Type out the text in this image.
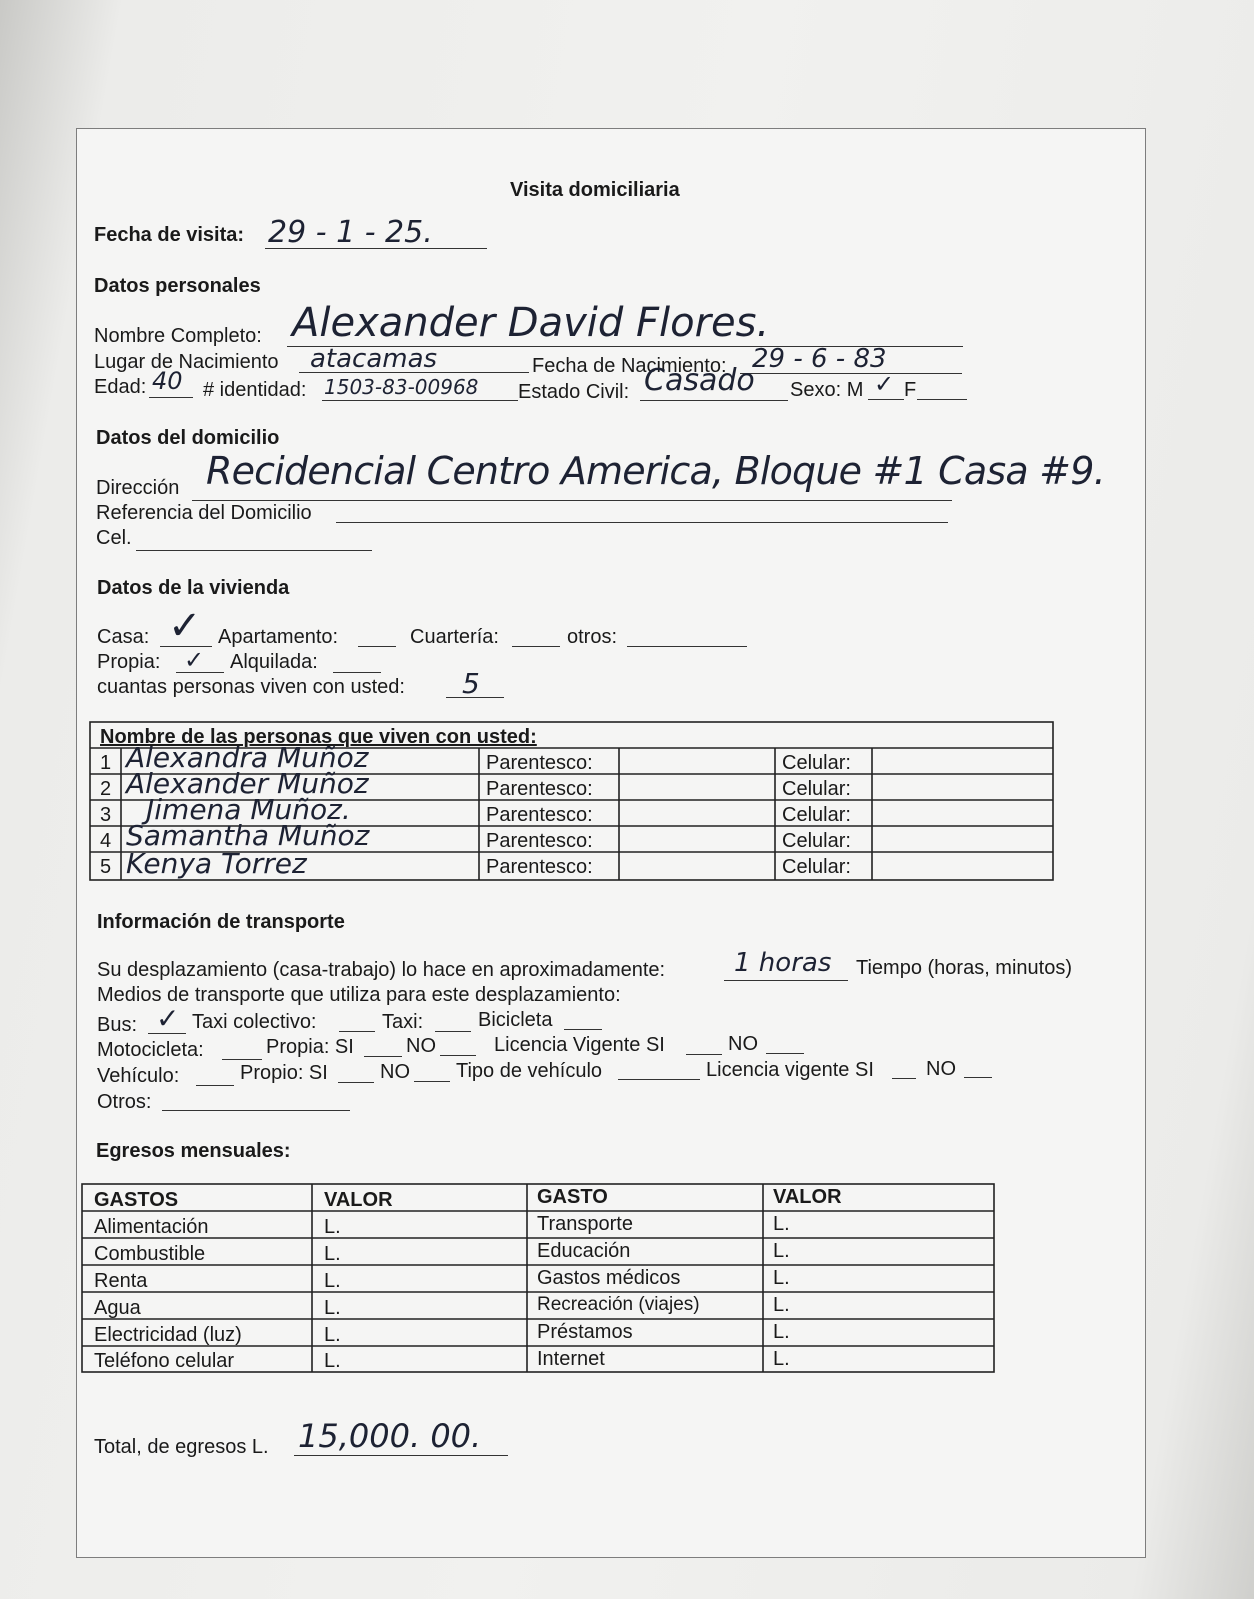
Visita domiciliaria
Fecha de visita: 29 - 1 - 25.
Datos personales
Nombre Completo: Alexander David Flores.
Lugar de Nacimiento atacamas	Fecha de Nacimiento: 29 - 6 - 83
Edad: 40 # identidad: 1503-83-00968 Estado Civil: Casado Sexo: M ✓ F
Datos del domicilio
Dirección Recidencial Centro America, Bloque #1 Casa #9.
Referencia del Domicilio
Cel.
Datos de la vivienda
Casa: ✓ Apartamento:	Cuartería:	otros:
Propia: ✓ Alquilada:
cuantas personas viven con usted: 5
Nombre de las personas que viven con usted:
1 Alexandra Muñoz	Parentesco:	Celular:
2 Alexander Muñoz	Parentesco:	Celular:
3 Jimena Muñoz.	Parentesco:	Celular:
4 Samantha Muñoz	Parentesco:	Celular:
5 Kenya Torrez	Parentesco:	Celular:
Información de transporte
Su desplazamiento (casa-trabajo) lo hace en aproximadamente:	1 horas Tiempo (horas, minutos)
Medios de transporte que utiliza para este desplazamiento:
Bus: ✓ Taxi colectivo:	Taxi:	Bicicleta
Motocicleta:	Propia: SI	NO	Licencia Vigente SI	NO
Vehículo:	Propio: SI	NO Tipo de vehículo	Licencia vigente SI	NO
Otros:
Egresos mensuales:
GASTOS	VALOR	GASTO	VALOR
Alimentación	L.	Transporte	L.
Combustible	L.	Educación	L.
Renta	L.	Gastos médicos	L.
Agua	L.	Recreación (viajes)	L.
Electricidad (luz)	L.	Préstamos	L.
Teléfono celular	L.	Internet	L.
Total, de egresos L. 15,000. 00.
